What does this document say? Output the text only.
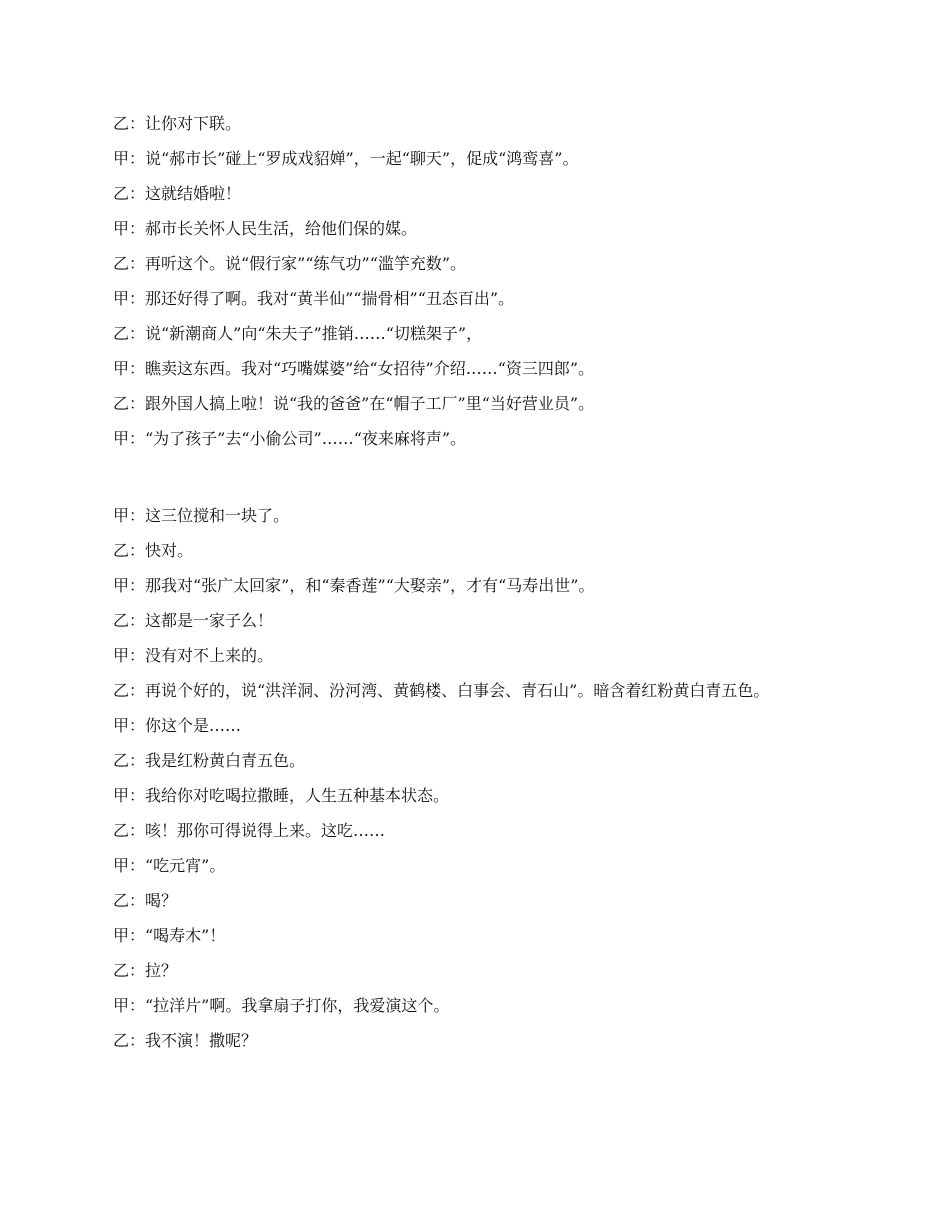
乙：让你对下联。

甲：说“郝市长”碰上“罗成戏貂婵”，一起“聊天”，促成“鸿鸾喜”。

乙：这就结婚啦！

甲：郝市长关怀人民生活，给他们保的媒。

乙：再听这个。说“假行家”“练气功”“滥竽充数”。

甲：那还好得了啊。我对“黄半仙”“揣骨相”“丑态百出”。

乙：说“新潮商人”向“朱夫子”推销……“切糕架子”，

甲：瞧卖这东西。我对“巧嘴媒婆”给“女招待”介绍……“资三四郎”。

乙：跟外国人搞上啦！说“我的爸爸”在“帽子工厂”里“当好营业员”。

甲：“为了孩子”去“小偷公司”……“夜来麻将声”。

甲：这三位搅和一块了。

乙：快对。

甲：那我对“张广太回家”，和“秦香莲”“大娶亲”，才有“马寿出世”。

乙：这都是一家子么！

甲：没有对不上来的。

乙：再说个好的，说“洪洋洞、汾河湾、黄鹤楼、白事会、青石山”。暗含着红粉黄白青五色。

甲：你这个是……

乙：我是红粉黄白青五色。

甲：我给你对吃喝拉撒睡，人生五种基本状态。

乙：咳！那你可得说得上来。这吃……

甲：“吃元宵”。

乙：喝？

甲：“喝寿木”！

乙：拉？

甲：“拉洋片”啊。我拿扇子打你，我爱演这个。

乙：我不演！撒呢？
